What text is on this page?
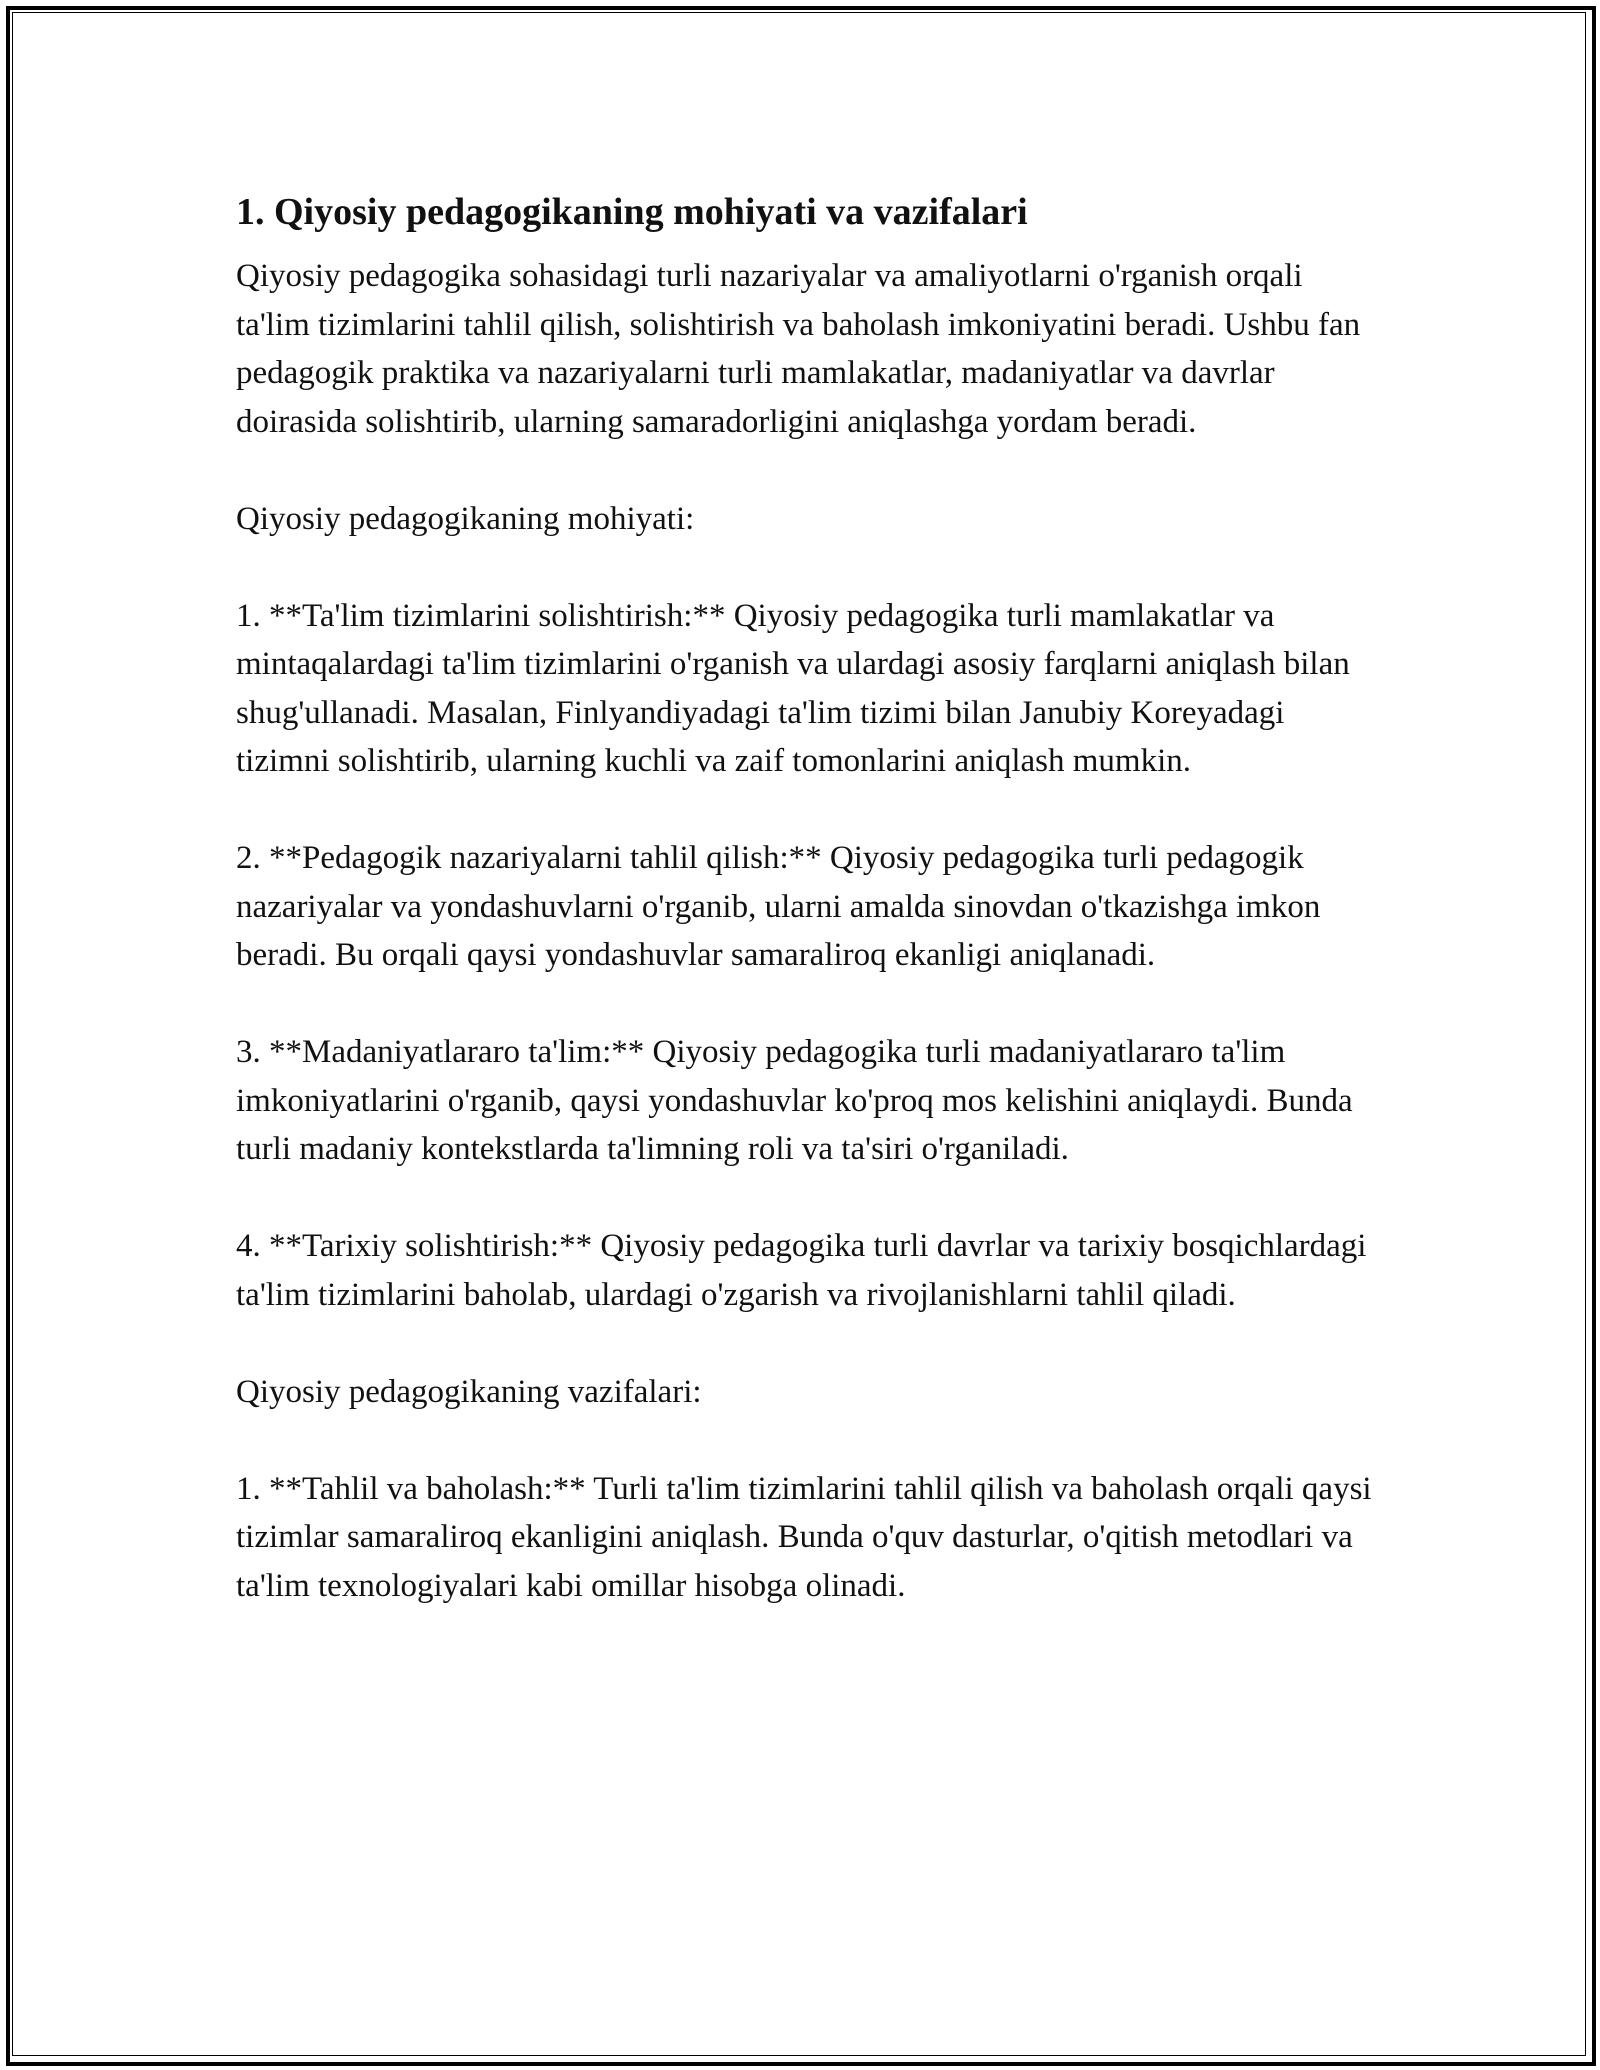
1. Qiyosiy pedagogikaning mohiyati va vazifalari

Qiyosiy pedagogika sohasidagi turli nazariyalar va amaliyotlarni o'rganish orqali ta'lim tizimlarini tahlil qilish, solishtirish va baholash imkoniyatini beradi. Ushbu fan pedagogik praktika va nazariyalarni turli mamlakatlar, madaniyatlar va davrlar doirasida solishtirib, ularning samaradorligini aniqlashga yordam beradi.

Qiyosiy pedagogikaning mohiyati:

1. **Ta'lim tizimlarini solishtirish:** Qiyosiy pedagogika turli mamlakatlar va mintaqalardagi ta'lim tizimlarini o'rganish va ulardagi asosiy farqlarni aniqlash bilan shug'ullanadi. Masalan, Finlyandiyadagi ta'lim tizimi bilan Janubiy Koreyadagi tizimni solishtirib, ularning kuchli va zaif tomonlarini aniqlash mumkin.

2. **Pedagogik nazariyalarni tahlil qilish:** Qiyosiy pedagogika turli pedagogik nazariyalar va yondashuvlarni o'rganib, ularni amalda sinovdan o'tkazishga imkon beradi. Bu orqali qaysi yondashuvlar samaraliroq ekanligi aniqlanadi.

3. **Madaniyatlararo ta'lim:** Qiyosiy pedagogika turli madaniyatlararo ta'lim imkoniyatlarini o'rganib, qaysi yondashuvlar ko'proq mos kelishini aniqlaydi. Bunda turli madaniy kontekstlarda ta'limning roli va ta'siri o'rganiladi.

4. **Tarixiy solishtirish:** Qiyosiy pedagogika turli davrlar va tarixiy bosqichlardagi ta'lim tizimlarini baholab, ulardagi o'zgarish va rivojlanishlarni tahlil qiladi.

Qiyosiy pedagogikaning vazifalari:

1. **Tahlil va baholash:** Turli ta'lim tizimlarini tahlil qilish va baholash orqali qaysi tizimlar samaraliroq ekanligini aniqlash. Bunda o'quv dasturlar, o'qitish metodlari va ta'lim texnologiyalari kabi omillar hisobga olinadi.
